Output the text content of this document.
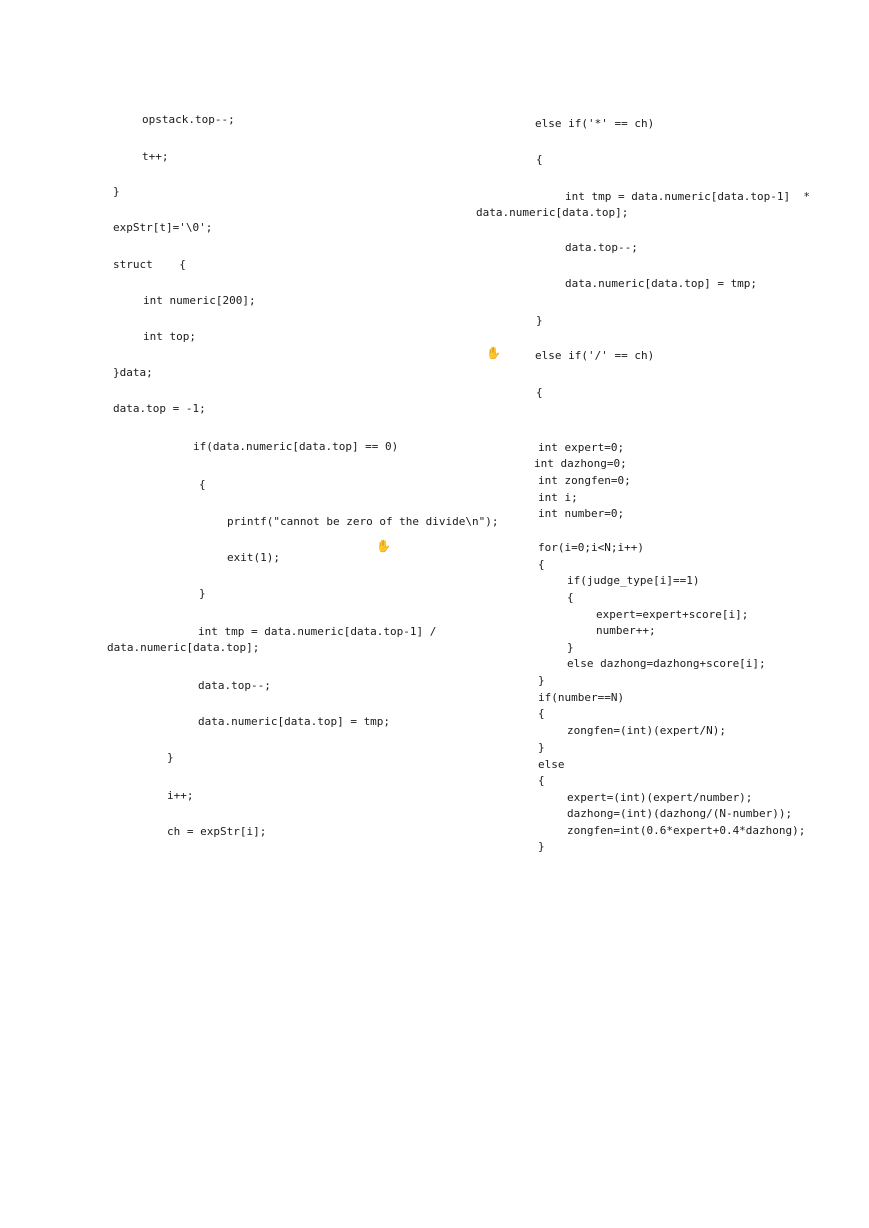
opstack.top--;
t++;
}
expStr[t]='\0';
struct    {
int numeric[200];
int top;
}data;
data.top = -1;
if(data.numeric[data.top] == 0)
{
printf("cannot be zero of the divide\n");
exit(1);
}
int tmp = data.numeric[data.top-1] /
data.numeric[data.top];
data.top--;
data.numeric[data.top] = tmp;
}
i++;
ch = expStr[i];
else if('*' == ch)
{
int tmp = data.numeric[data.top-1]  *
data.numeric[data.top];
data.top--;
data.numeric[data.top] = tmp;
}
else if('/' == ch)
{
int expert=0;
int dazhong=0;
int zongfen=0;
int i;
int number=0;
for(i=0;i<N;i++)
{
if(judge_type[i]==1)
{
expert=expert+score[i];
number++;
}
else dazhong=dazhong+score[i];
}
if(number==N)
{
zongfen=(int)(expert/N);
}
else
{
expert=(int)(expert/number);
dazhong=(int)(dazhong/(N-number));
zongfen=int(0.6*expert+0.4*dazhong);
}
✋
✋
